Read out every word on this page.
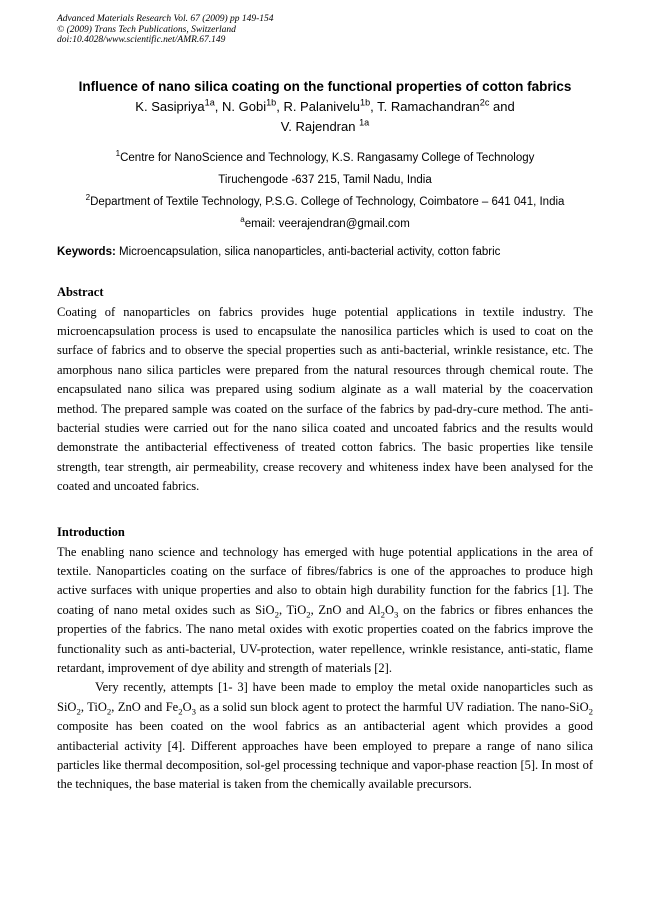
Advanced Materials Research Vol. 67 (2009) pp 149-154
© (2009) Trans Tech Publications, Switzerland
doi:10.4028/www.scientific.net/AMR.67.149
Influence of nano silica coating on the functional properties of cotton fabrics
K. Sasipriya$^{1a}$, N. Gobi$^{1b}$, R. Palanivelu$^{1b}$, T. Ramachandran$^{2c}$ and
V. Rajendran $^{1a}$
$^1$Centre for NanoScience and Technology, K.S. Rangasamy College of Technology
Tiruchengode -637 215, Tamil Nadu, India
$^2$Department of Textile Technology, P.S.G. College of Technology, Coimbatore – 641 041, India
$^a$email: veerajendran@gmail.com

Keywords: Microencapsulation, silica nanoparticles, anti-bacterial activity, cotton fabric

Abstract

Coating of nanoparticles on fabrics provides huge potential applications in textile industry. The microencapsulation process is used to encapsulate the nanosilica particles which is used to coat on the surface of fabrics and to observe the special properties such as anti-bacterial, wrinkle resistance, etc. The amorphous nano silica particles were prepared from the natural resources through chemical route. The encapsulated nano silica was prepared using sodium alginate as a wall material by the coacervation method. The prepared sample was coated on the surface of the fabrics by pad-dry-cure method. The anti-bacterial studies were carried out for the nano silica coated and uncoated fabrics and the results would demonstrate the antibacterial effectiveness of treated cotton fabrics. The basic properties like tensile strength, tear strength, air permeability, crease recovery and whiteness index have been analysed for the coated and uncoated fabrics.

Introduction

The enabling nano science and technology has emerged with huge potential applications in the area of textile. Nanoparticles coating on the surface of fibres/fabrics is one of the approaches to produce high active surfaces with unique properties and also to obtain high durability function for the fabrics [1]. The coating of nano metal oxides such as SiO$_2$, TiO$_2$, ZnO and $Al_2O_3$ on the fabrics or fibres enhances the properties of the fabrics. The nano metal oxides with exotic properties coated on the fabrics improve the functionality such as anti-bacterial, UV-protection, water repellence, wrinkle resistance, anti-static, flame retardant, improvement of dye ability and strength of materials [2].

Very recently, attempts [1- 3] have been made to employ the metal oxide nanoparticles such as SiO$_2$, TiO$_2$, ZnO and $Fe_2O_3$ as a solid sun block agent to protect the harmful UV radiation. The nano-SiO$_2$ composite has been coated on the wool fabrics as an antibacterial agent which provides a good antibacterial activity [4]. Different approaches have been employed to prepare a range of nano silica particles like thermal decomposition, sol-gel processing technique and vapor-phase reaction [5]. In most of the techniques, the base material is taken from the chemically available precursors.
